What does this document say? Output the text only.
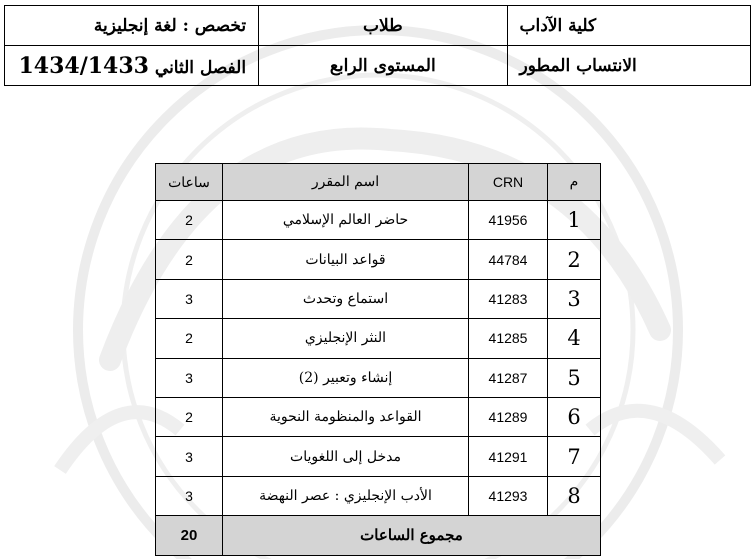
كلية الآداب	طلاب	تخصص : لغة إنجليزية
الانتساب المطور	المستوى الرابع	الفصل الثاني 1434/1433
م	CRN	اسم المقرر	ساعات
1	41956	حاضر العالم الإسلامي	2
2	44784	قواعد البيانات	2
3	41283	استماع وتحدث	3
4	41285	النثر الإنجليزي	2
5	41287	إنشاء وتعبير (2)	3
6	41289	القواعد والمنظومة النحوية	2
7	41291	مدخل إلى اللغويات	3
8	41293	الأدب الإنجليزي : عصر النهضة	3
مجموع الساعات			20
